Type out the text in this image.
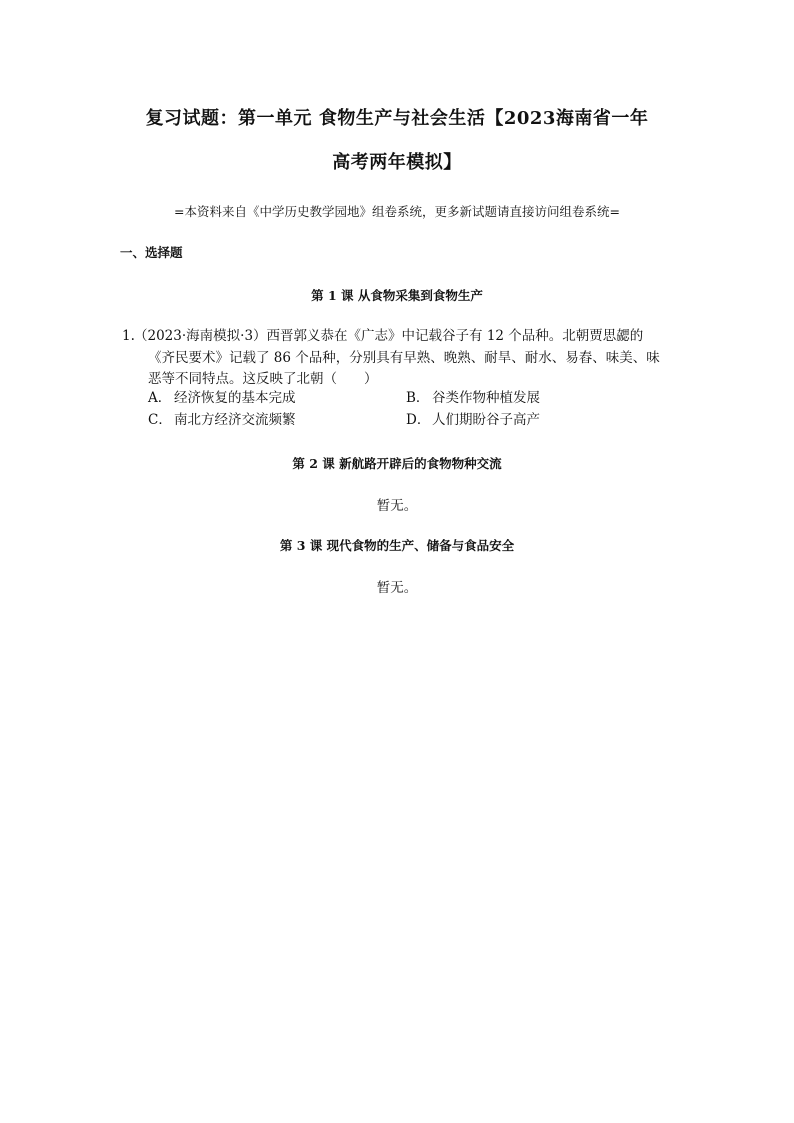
复习试题：第一单元 食物生产与社会生活【2023海南省一年
高考两年模拟】
=本资料来自《中学历史教学园地》组卷系统，更多新试题请直接访问组卷系统=
一、选择题
第 1 课 从食物采集到食物生产
1.（2023·海南模拟·3）西晋郭义恭在《广志》中记载谷子有 12 个品种。北朝贾思勰的
《齐民要术》记载了 86 个品种，分别具有早熟、晚熟、耐旱、耐水、易舂、味美、味
恶等不同特点。这反映了北朝（　　）
A． 经济恢复的基本完成	B． 谷类作物种植发展
C． 南北方经济交流频繁	D． 人们期盼谷子高产
第 2 课 新航路开辟后的食物物种交流
暂无。
第 3 课 现代食物的生产、储备与食品安全
暂无。
